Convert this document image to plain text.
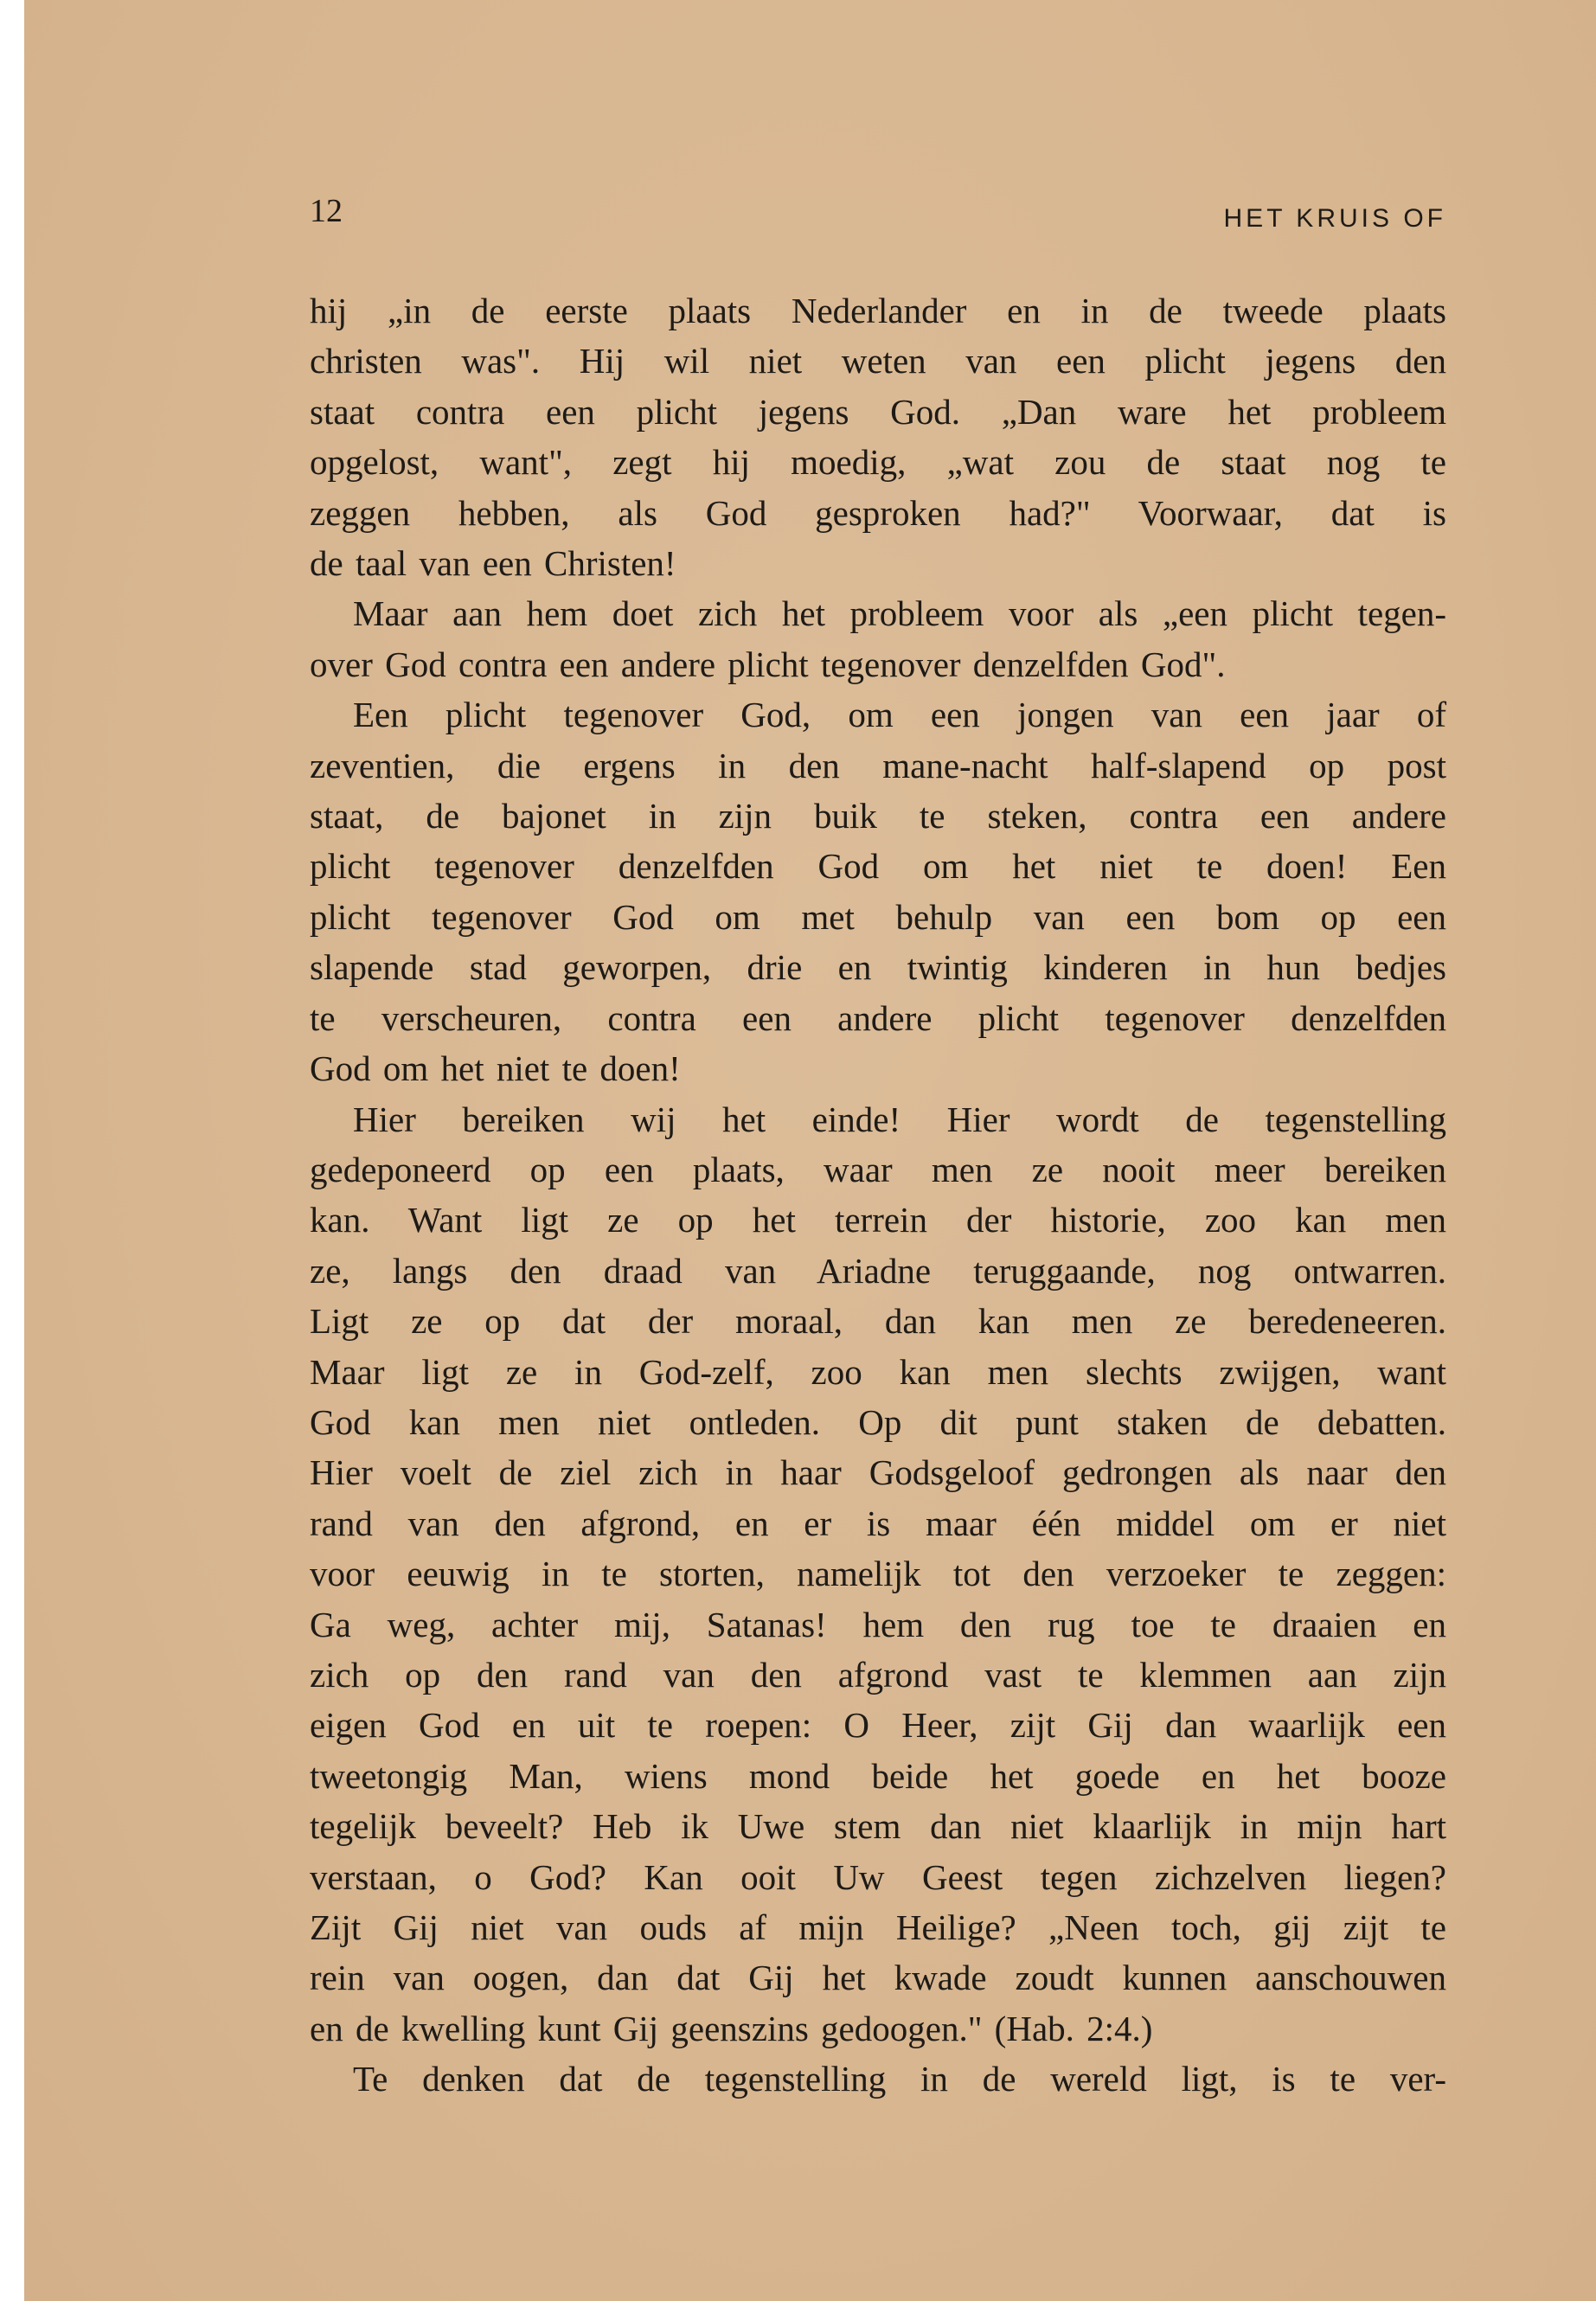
12	HET KRUIS OF

hij „in de eerste plaats Nederlander en in de tweede plaats

christen was". Hij wil niet weten van een plicht jegens den

staat contra een plicht jegens God. „Dan ware het probleem

opgelost, want", zegt hij moedig, „wat zou de staat nog te

zeggen hebben, als God gesproken had?" Voorwaar, dat is

de taal van een Christen!

Maar aan hem doet zich het probleem voor als „een plicht tegen-

over God contra een andere plicht tegenover denzelfden God".

Een plicht tegenover God, om een jongen van een jaar of

zeventien, die ergens in den mane-nacht half-slapend op post

staat, de bajonet in zijn buik te steken, contra een andere

plicht tegenover denzelfden God om het niet te doen! Een

plicht tegenover God om met behulp van een bom op een

slapende stad geworpen, drie en twintig kinderen in hun bedjes

te verscheuren, contra een andere plicht tegenover denzelfden

God om het niet te doen!

Hier bereiken wij het einde! Hier wordt de tegenstelling

gedeponeerd op een plaats, waar men ze nooit meer bereiken

kan. Want ligt ze op het terrein der historie, zoo kan men

ze, langs den draad van Ariadne teruggaande, nog ontwarren.

Ligt ze op dat der moraal, dan kan men ze beredeneeren.

Maar ligt ze in God-zelf, zoo kan men slechts zwijgen, want

God kan men niet ontleden. Op dit punt staken de debatten.

Hier voelt de ziel zich in haar Godsgeloof gedrongen als naar den

rand van den afgrond, en er is maar één middel om er niet

voor eeuwig in te storten, namelijk tot den verzoeker te zeggen:

Ga weg, achter mij, Satanas! hem den rug toe te draaien en

zich op den rand van den afgrond vast te klemmen aan zijn

eigen God en uit te roepen: O Heer, zijt Gij dan waarlijk een

tweetongig Man, wiens mond beide het goede en het booze

tegelijk beveelt? Heb ik Uwe stem dan niet klaarlijk in mijn hart

verstaan, o God? Kan ooit Uw Geest tegen zichzelven liegen?

Zijt Gij niet van ouds af mijn Heilige? „Neen toch, gij zijt te

rein van oogen, dan dat Gij het kwade zoudt kunnen aanschouwen

en de kwelling kunt Gij geenszins gedoogen." (Hab. 2:4.)

Te denken dat de tegenstelling in de wereld ligt, is te ver-
